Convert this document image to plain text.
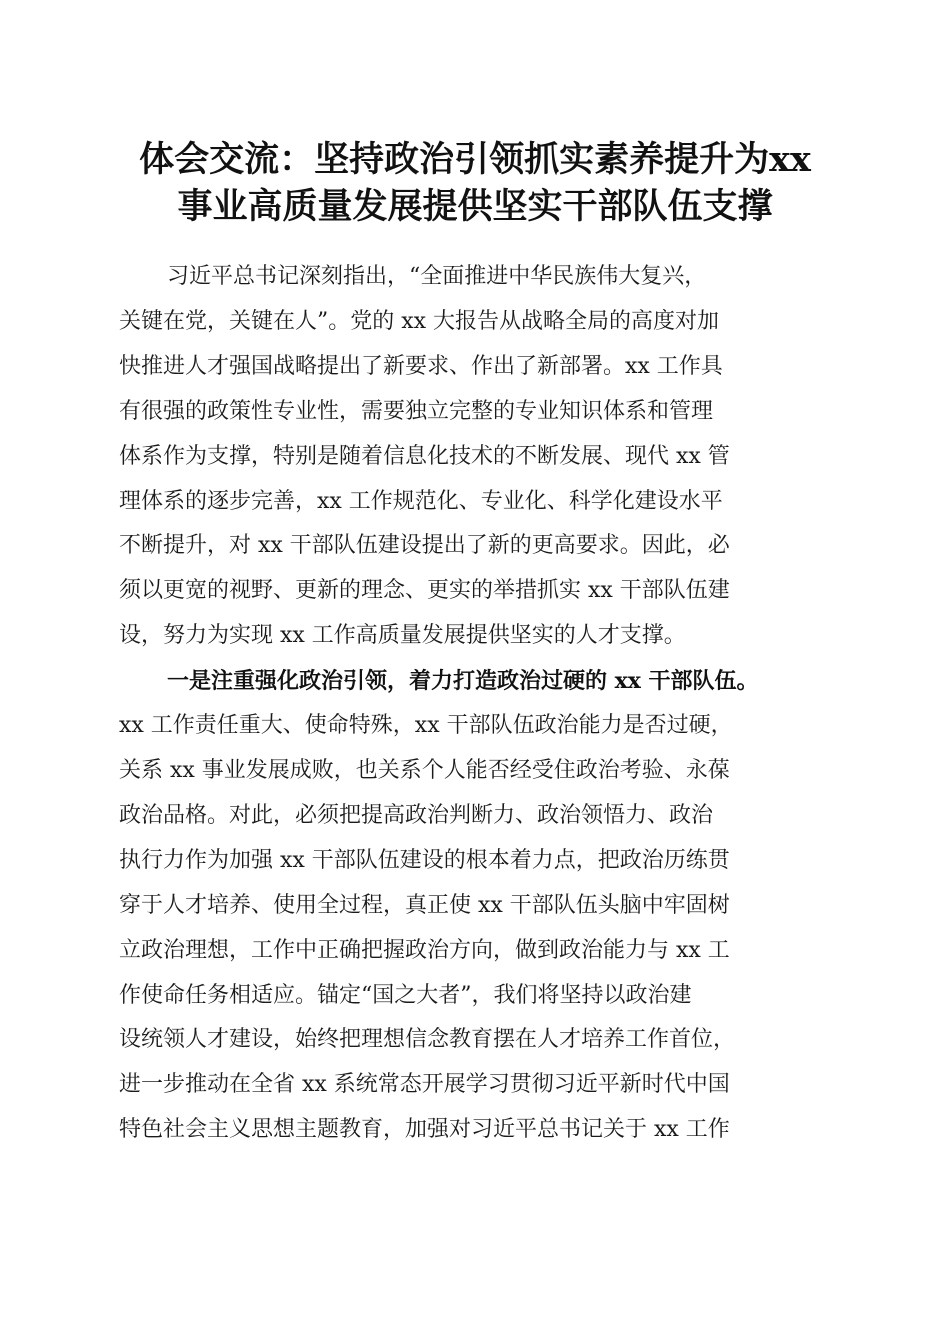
体会交流：坚持政治引领抓实素养提升为xx
事业高质量发展提供坚实干部队伍支撑

习近平总书记深刻指出，“全面推进中华民族伟大复兴，

关键在党，关键在人”。党的 xx 大报告从战略全局的高度对加

快推进人才强国战略提出了新要求、作出了新部署。xx 工作具

有很强的政策性专业性，需要独立完整的专业知识体系和管理

体系作为支撑，特别是随着信息化技术的不断发展、现代 xx 管

理体系的逐步完善，xx 工作规范化、专业化、科学化建设水平

不断提升，对 xx 干部队伍建设提出了新的更高要求。因此，必

须以更宽的视野、更新的理念、更实的举措抓实 xx 干部队伍建

设，努力为实现 xx 工作高质量发展提供坚实的人才支撑。

一是注重强化政治引领，着力打造政治过硬的 xx 干部队伍。

xx 工作责任重大、使命特殊，xx 干部队伍政治能力是否过硬，

关系 xx 事业发展成败，也关系个人能否经受住政治考验、永葆

政治品格。对此，必须把提高政治判断力、政治领悟力、政治

执行力作为加强 xx 干部队伍建设的根本着力点，把政治历练贯

穿于人才培养、使用全过程，真正使 xx 干部队伍头脑中牢固树

立政治理想，工作中正确把握政治方向，做到政治能力与 xx 工

作使命任务相适应。锚定“国之大者”，我们将坚持以政治建

设统领人才建设，始终把理想信念教育摆在人才培养工作首位，

进一步推动在全省 xx 系统常态开展学习贯彻习近平新时代中国

特色社会主义思想主题教育，加强对习近平总书记关于 xx 工作
